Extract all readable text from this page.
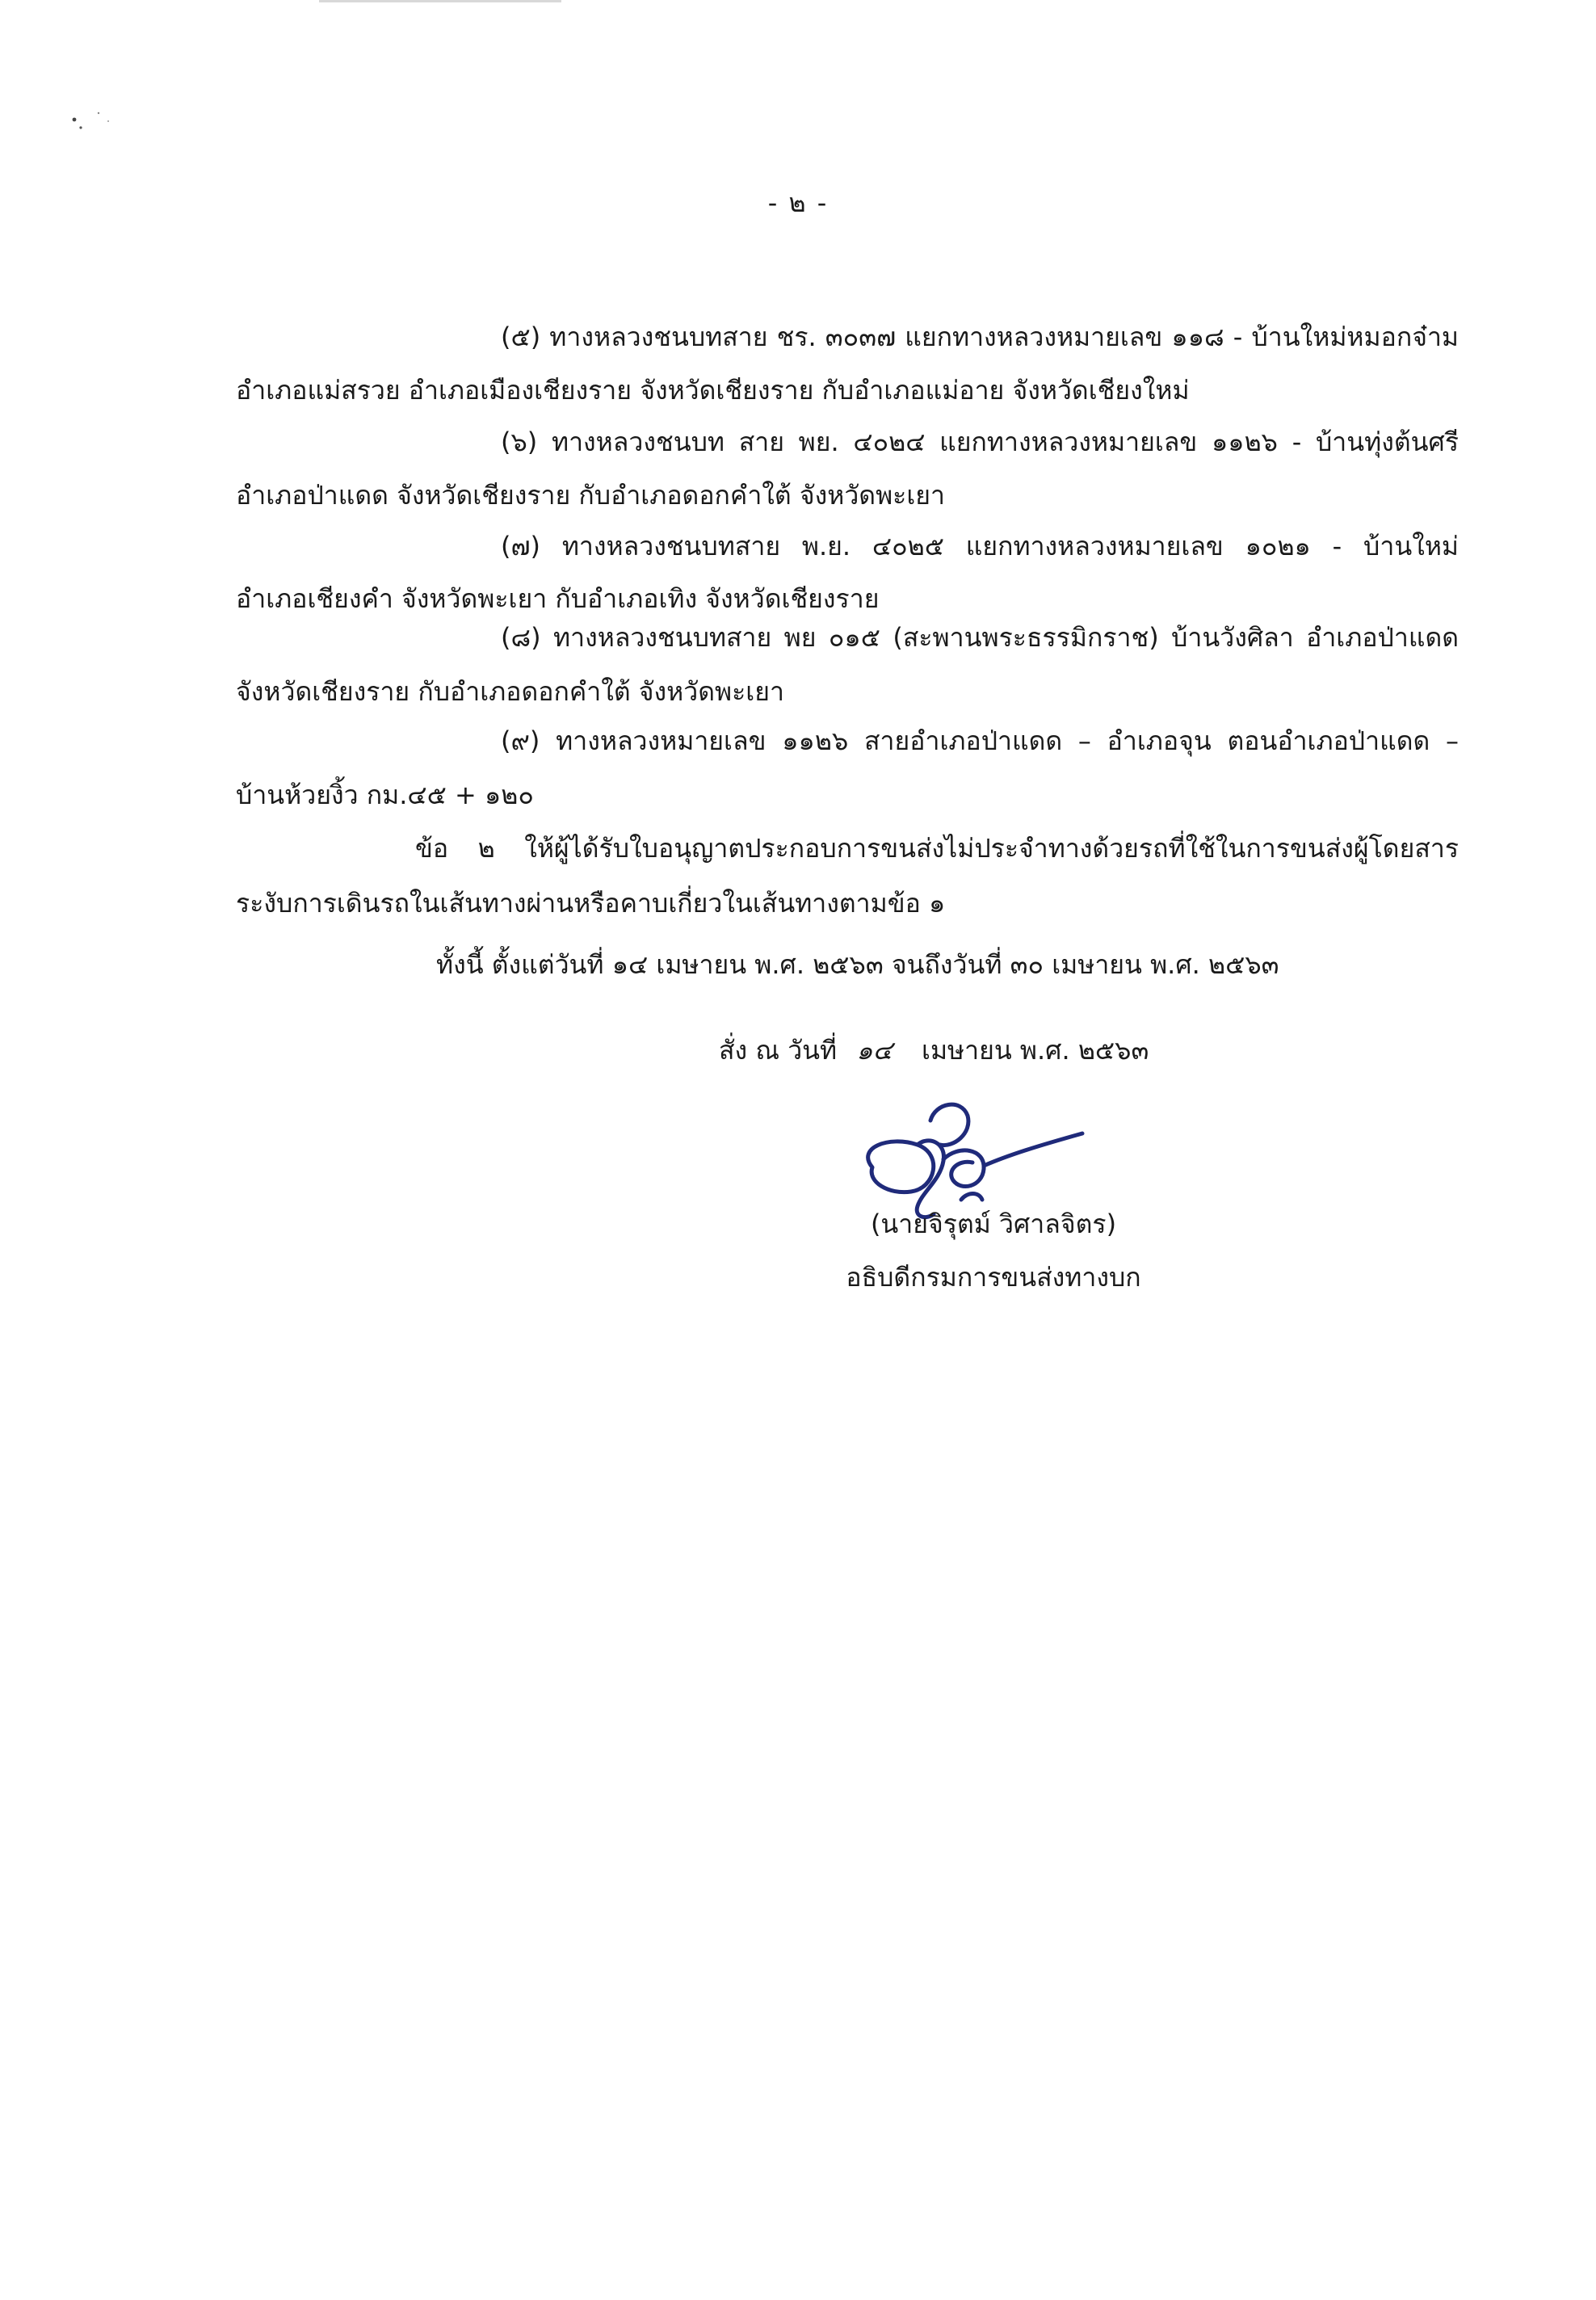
- ๒ -
(๕) ทางหลวงชนบทสาย ชร. ๓๐๓๗ แยกทางหลวงหมายเลข ๑๑๘ - บ้านใหม่หมอกจ๋าม
อำเภอแม่สรวย อำเภอเมืองเชียงราย จังหวัดเชียงราย กับอำเภอแม่อาย จังหวัดเชียงใหม่
(๖) ทางหลวงชนบท สาย พย. ๔๐๒๔ แยกทางหลวงหมายเลข ๑๑๒๖ - บ้านทุ่งต้นศรี
อำเภอป่าแดด จังหวัดเชียงราย กับอำเภอดอกคำใต้ จังหวัดพะเยา
(๗) ทางหลวงชนบทสาย พ.ย. ๔๐๒๕ แยกทางหลวงหมายเลข ๑๐๒๑ - บ้านใหม่
อำเภอเชียงคำ จังหวัดพะเยา กับอำเภอเทิง จังหวัดเชียงราย
(๘) ทางหลวงชนบทสาย พย ๐๑๕ (สะพานพระธรรมิกราช) บ้านวังศิลา อำเภอป่าแดด
จังหวัดเชียงราย กับอำเภอดอกคำใต้ จังหวัดพะเยา
(๙) ทางหลวงหมายเลข ๑๑๒๖ สายอำเภอป่าแดด – อำเภอจุน ตอนอำเภอป่าแดด –
บ้านห้วยงิ้ว กม.๔๕ + ๑๒๐
ข้อ ๒ ให้ผู้ได้รับใบอนุญาตประกอบการขนส่งไม่ประจำทางด้วยรถที่ใช้ในการขนส่งผู้โดยสาร
ระงับการเดินรถในเส้นทางผ่านหรือคาบเกี่ยวในเส้นทางตามข้อ ๑
ทั้งนี้ ตั้งแต่วันที่ ๑๔ เมษายน พ.ศ. ๒๕๖๓ จนถึงวันที่ ๓๐ เมษายน พ.ศ. ๒๕๖๓
สั่ง ณ วันที่ ๑๔ เมษายน พ.ศ. ๒๕๖๓
(นายจิรุตม์ วิศาลจิตร)
อธิบดีกรมการขนส่งทางบก
